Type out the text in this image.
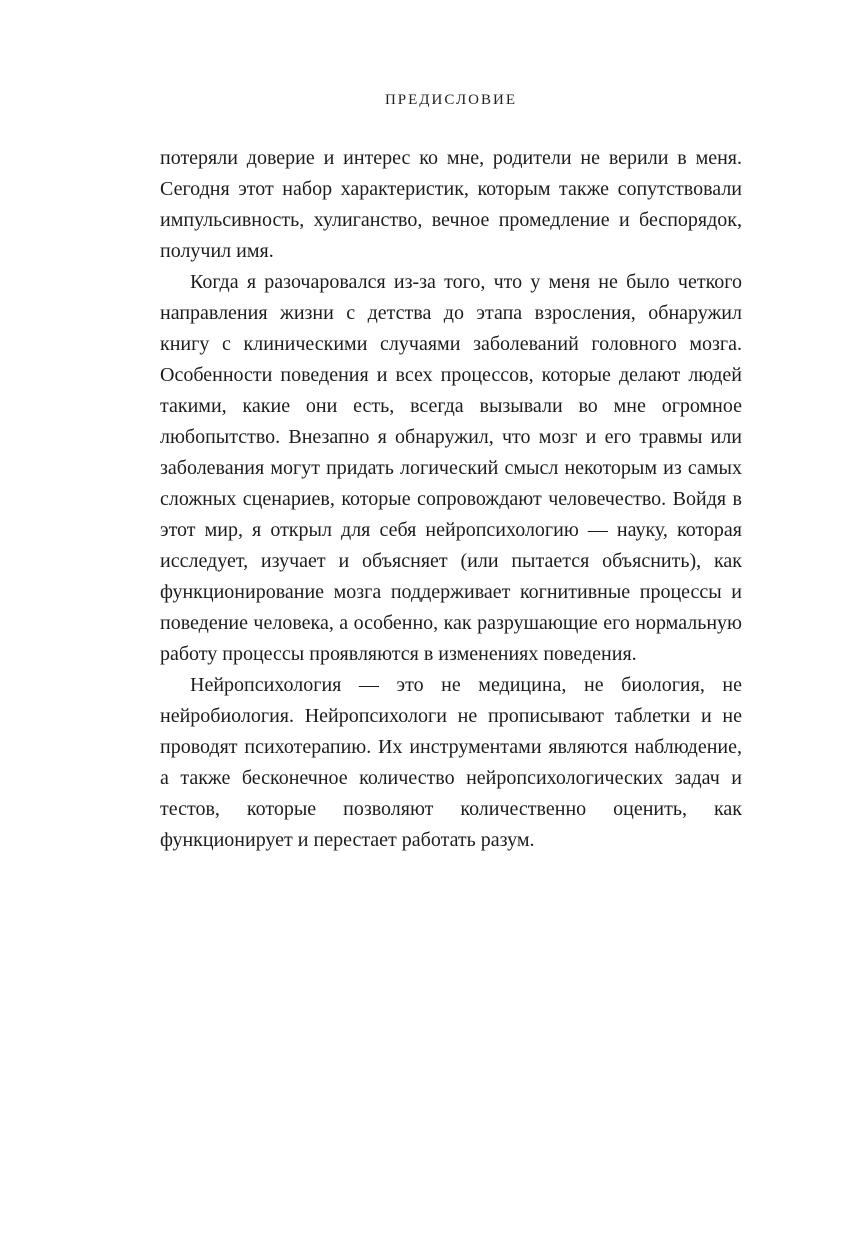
ПРЕДИСЛОВИЕ

потеряли доверие и интерес ко мне, родители не верили в меня. Сегодня этот набор характеристик, которым также сопутствовали импульсивность, хулиганство, вечное промедление и беспорядок, получил имя.

Когда я разочаровался из-за того, что у меня не было четкого направления жизни с детства до этапа взросления, обнаружил книгу с клиническими случаями заболеваний головного мозга. Особенности поведения и всех процессов, которые делают людей такими, какие они есть, всегда вызывали во мне огромное любопытство. Внезапно я обнаружил, что мозг и его травмы или заболевания могут придать логический смысл некоторым из самых сложных сценариев, которые сопровождают человечество. Войдя в этот мир, я открыл для себя нейропсихологию — науку, которая исследует, изучает и объясняет (или пытается объяснить), как функционирование мозга поддерживает когнитивные процессы и поведение человека, а особенно, как разрушающие его нормальную работу процессы проявляются в изменениях поведения.

Нейропсихология — это не медицина, не биология, не нейробиология. Нейропсихологи не прописывают таблетки и не проводят психотерапию. Их инструментами являются наблюдение, а также бесконечное количество нейропсихологических задач и тестов, которые позволяют количественно оценить, как функционирует и перестает работать разум.
